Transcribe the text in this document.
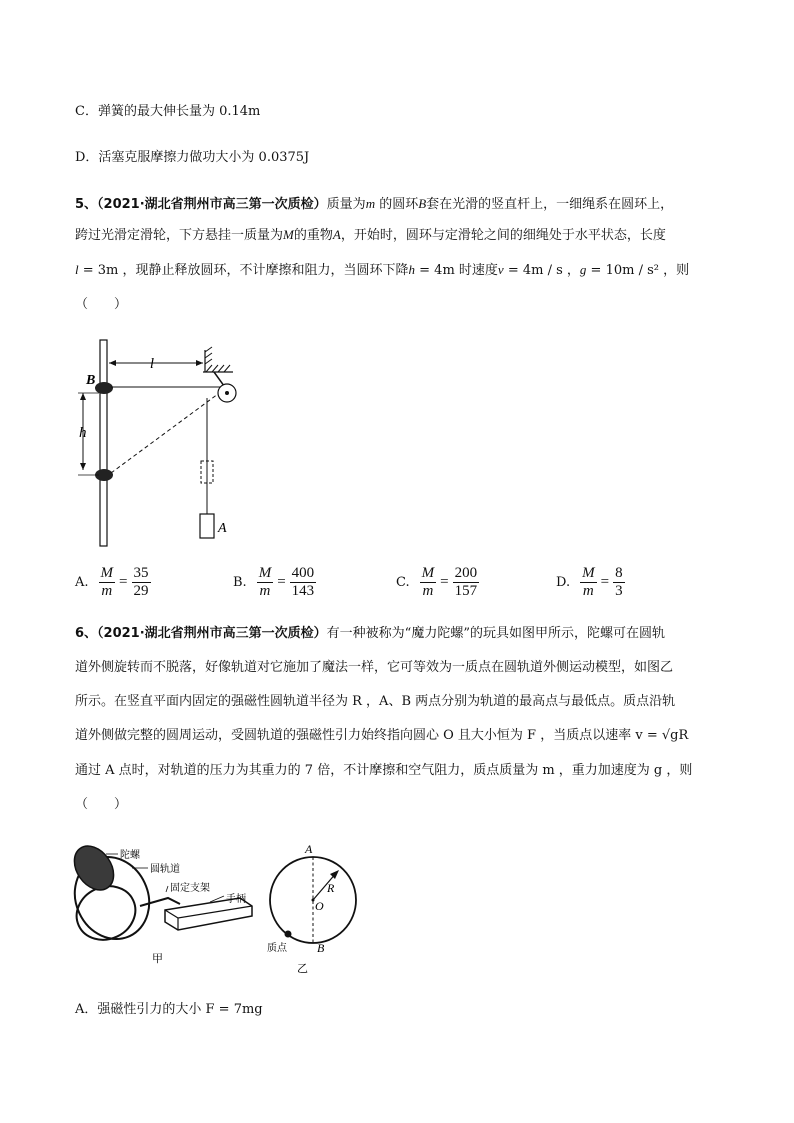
C．弹簧的最大伸长量为 0.14m
D．活塞克服摩擦力做功大小为 0.0375J
5、（2021·湖北省荆州市高三第一次质检）质量为m 的圆环B套在光滑的竖直杆上，一细绳系在圆环上，
跨过光滑定滑轮，下方悬挂一质量为M的重物A，开始时，圆环与定滑轮之间的细绳处于水平状态，长度
l = 3m ，现静止释放圆环，不计摩擦和阻力，当圆环下降h = 4m 时速度v = 4m / s ，g = 10m / s² ，则
（　　）
l
A
B
h
A. $\frac{M}{m} = \frac{35}{29}$	B. $\frac{M}{m} = \frac{400}{143}$	C. $\frac{M}{m} = \frac{200}{157}$	D. $\frac{M}{m} = \frac{8}{3}$
6、（2021·湖北省荆州市高三第一次质检）有一种被称为“魔力陀螺”的玩具如图甲所示，陀螺可在圆轨
道外侧旋转而不脱落，好像轨道对它施加了魔法一样，它可等效为一质点在圆轨道外侧运动模型，如图乙
所示。在竖直平面内固定的强磁性圆轨道半径为 R ，A、B 两点分别为轨道的最高点与最低点。质点沿轨
道外侧做完整的圆周运动，受圆轨道的强磁性引力始终指向圆心 O 且大小恒为 F ，当质点以速率 v = √gR
通过 A 点时，对轨道的压力为其重力的 7 倍，不计摩擦和空气阻力，质点质量为 m ，重力加速度为 g ，则
（　　）
陀螺
圆轨道
固定支架
手柄
甲
A
R
O
质点	B
乙
A．强磁性引力的大小 F = 7mg
